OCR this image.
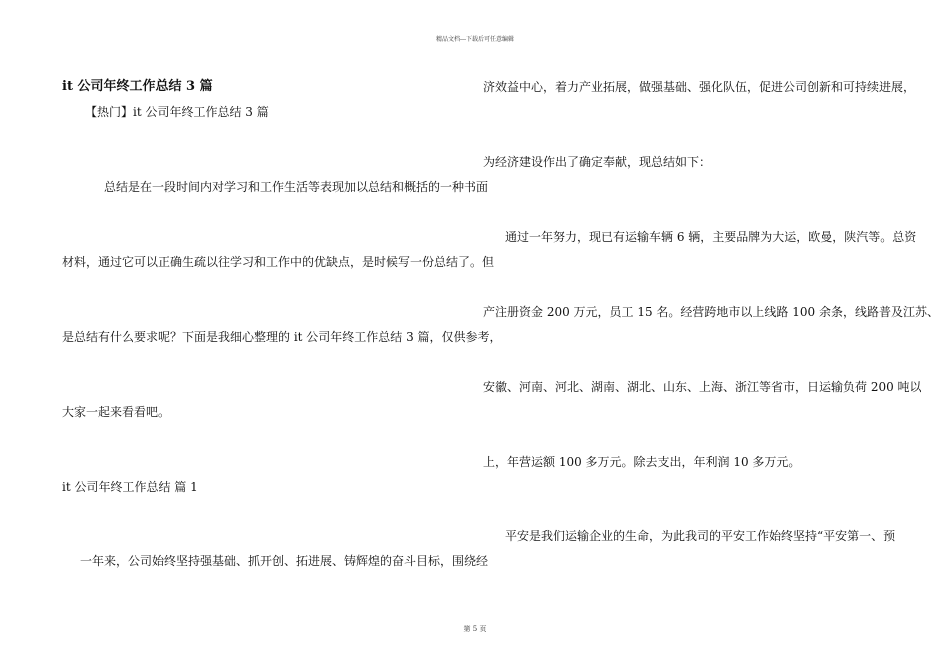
精品文档---下载后可任意编辑
it 公司年终工作总结 3 篇
【热门】it 公司年终工作总结 3 篇
总结是在一段时间内对学习和工作生活等表现加以总结和概括的一种书面
材料，通过它可以正确生疏以往学习和工作中的优缺点，是时候写一份总结了。但
是总结有什么要求呢？下面是我细心整理的 it 公司年终工作总结 3 篇，仅供参考，
大家一起来看看吧。
it 公司年终工作总结 篇 1
一年来，公司始终坚持强基础、抓开创、拓进展、铸辉煌的奋斗目标，围绕经
济效益中心，着力产业拓展，做强基础、强化队伍，促进公司创新和可持续进展，
为经济建设作出了确定奉献，现总结如下：
通过一年努力，现已有运输车辆 6 辆，主要品牌为大运，欧曼，陕汽等。总资
产注册资金 200 万元，员工 15 名。经营跨地市以上线路 100 余条，线路普及江苏、
安徽、河南、河北、湖南、湖北、山东、上海、浙江等省市，日运输负荷 200 吨以
上，年营运额 100 多万元。除去支出，年利润 10 多万元。
平安是我们运输企业的生命，为此我司的平安工作始终坚持“平安第一、预
第 5 页
